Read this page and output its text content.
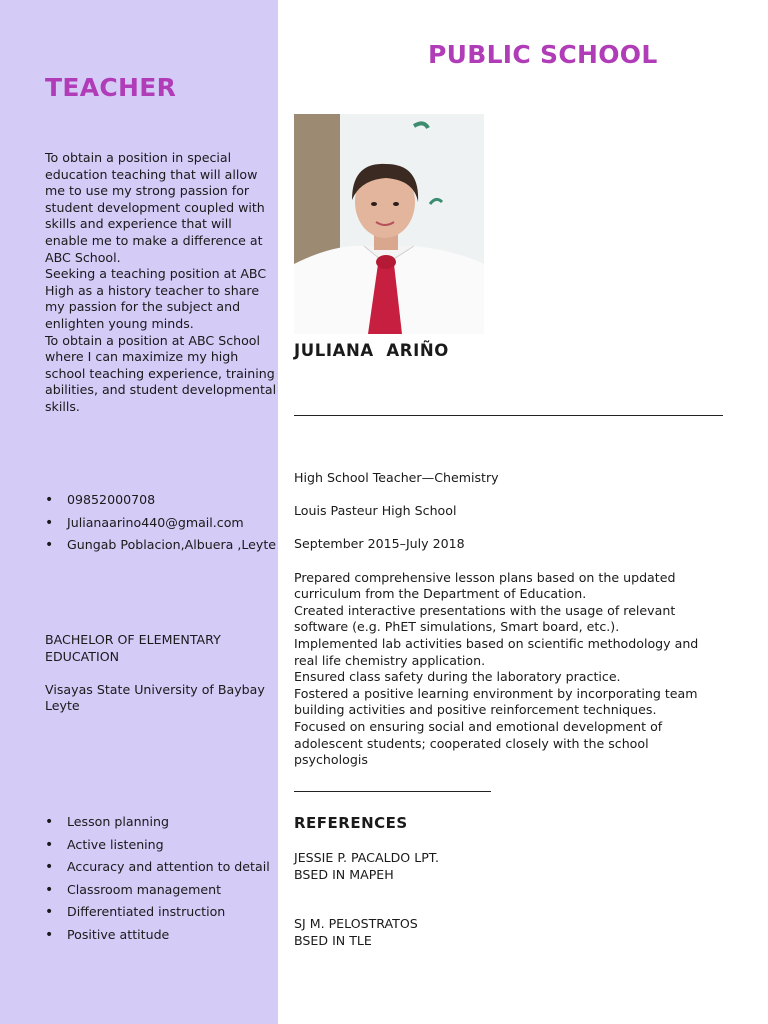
PUBLIC SCHOOL
TEACHER

To obtain a position in special education teaching that will allow me to use my strong passion for student development coupled with skills and experience that will enable me to make a difference at ABC School.

Seeking a teaching position at ABC High as a history teacher to share my passion for the subject and enlighten young minds.

To obtain a position at ABC School where I can maximize my high school teaching experience, training abilities, and student developmental skills.

• 09852000708
• Julianaarino440@gmail.com
• Gungab Poblacion,Albuera ,Leyte

BACHELOR OF ELEMENTARY EDUCATION

Visayas State University of Baybay Leyte

• Lesson planning
• Active listening
• Accuracy and attention to detail
• Classroom management
• Differentiated instruction
• Positive attitude
JULIANA  ARIÑO

High School Teacher—Chemistry

Louis Pasteur High School

September 2015–July 2018

Prepared comprehensive lesson plans based on the updated curriculum from the Department of Education.

Created interactive presentations with the usage of relevant software (e.g. PhET simulations, Smart board, etc.).

Implemented lab activities based on scientific methodology and real life chemistry application.

Ensured class safety during the laboratory practice.

Fostered a positive learning environment by incorporating team building activities and positive reinforcement techniques.

Focused on ensuring social and emotional development of adolescent students; cooperated closely with the school psychologis

REFERENCES

JESSIE P. PACALDO LPT.

BSED IN MAPEH

SJ M. PELOSTRATOS

BSED IN TLE
